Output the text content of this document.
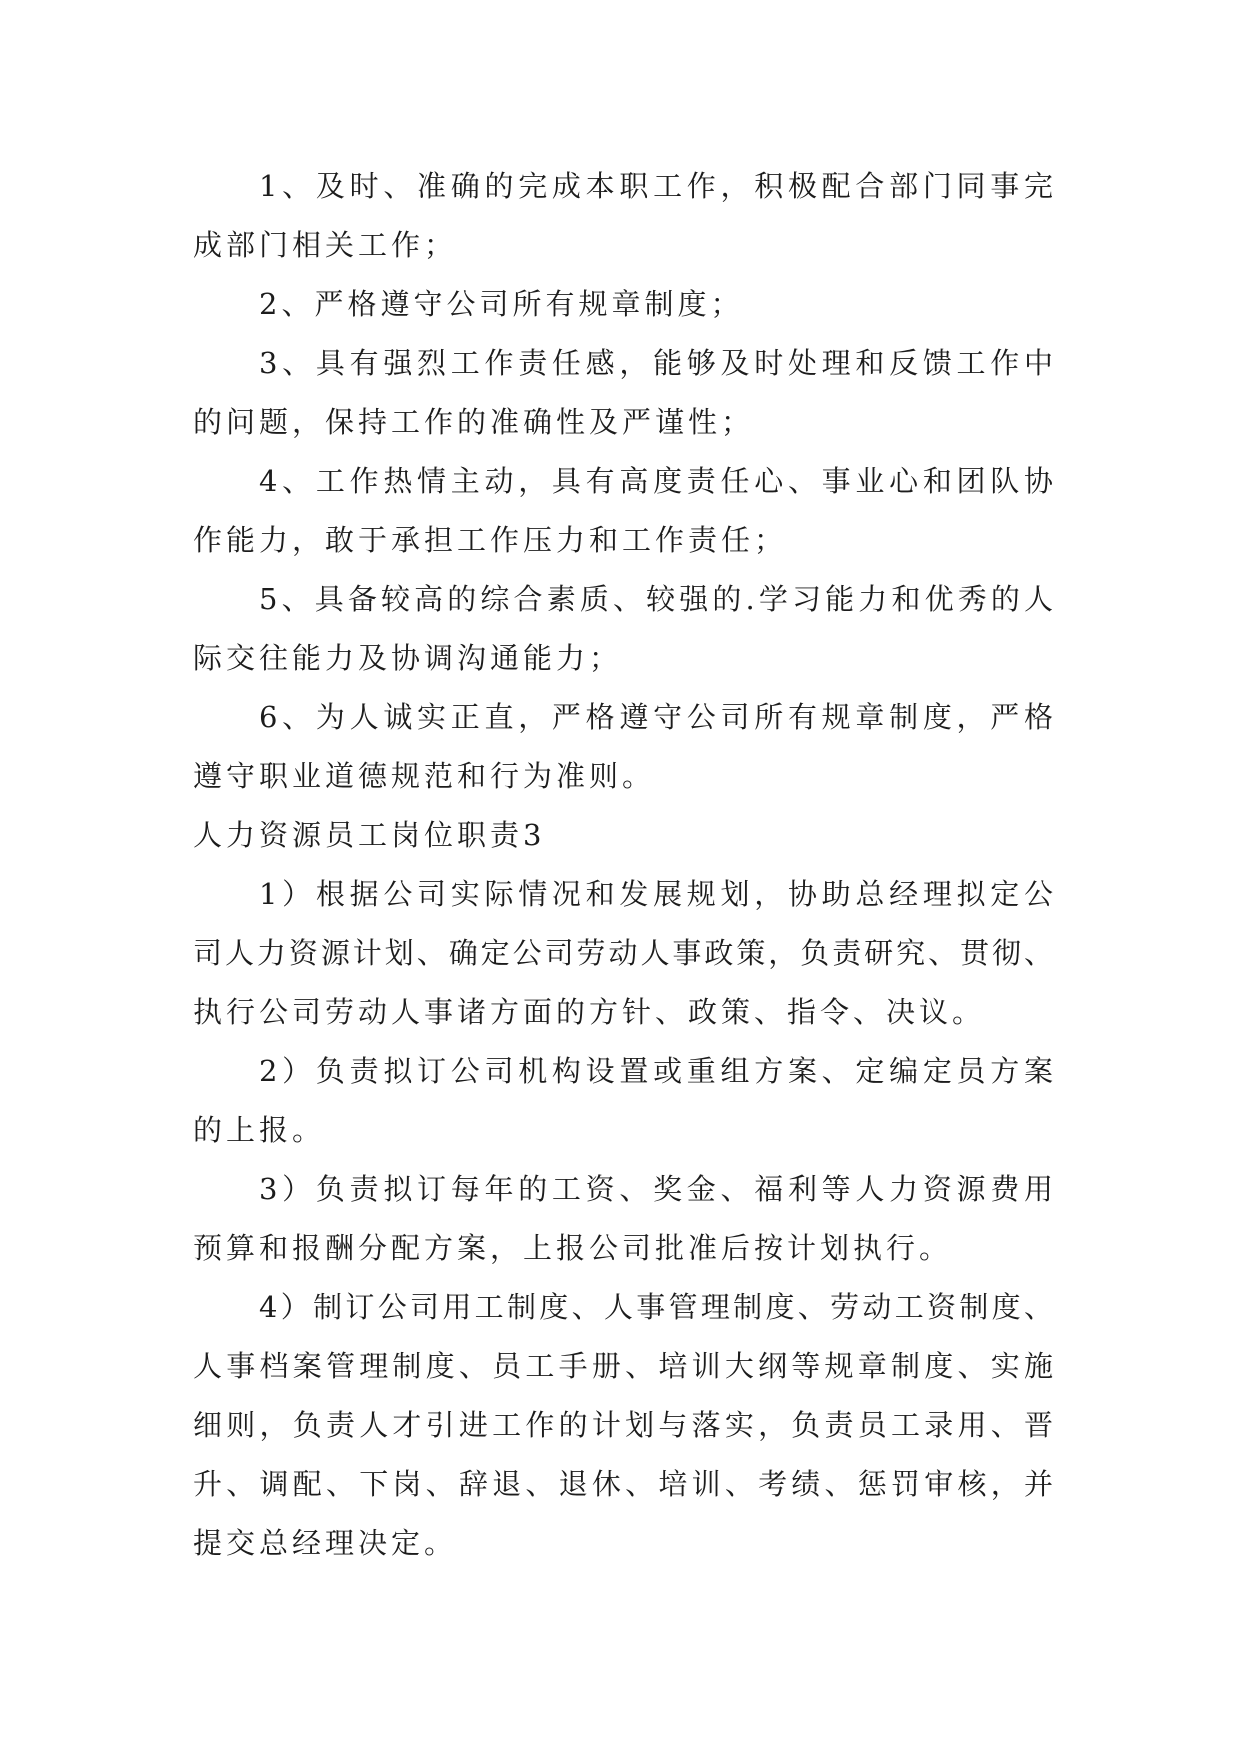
1、及时、准确的完成本职工作，积极配合部门同事完
成部门相关工作；
2、严格遵守公司所有规章制度；
3、具有强烈工作责任感，能够及时处理和反馈工作中
的问题，保持工作的准确性及严谨性；
4、工作热情主动，具有高度责任心、事业心和团队协
作能力，敢于承担工作压力和工作责任；
5、具备较高的综合素质、较强的.学习能力和优秀的人
际交往能力及协调沟通能力；
6、为人诚实正直，严格遵守公司所有规章制度，严格
遵守职业道德规范和行为准则。
人力资源员工岗位职责3
1）根据公司实际情况和发展规划，协助总经理拟定公
司人力资源计划、确定公司劳动人事政策，负责研究、贯彻、
执行公司劳动人事诸方面的方针、政策、指令、决议。
2）负责拟订公司机构设置或重组方案、定编定员方案
的上报。
3）负责拟订每年的工资、奖金、福利等人力资源费用
预算和报酬分配方案，上报公司批准后按计划执行。
4）制订公司用工制度、人事管理制度、劳动工资制度、
人事档案管理制度、员工手册、培训大纲等规章制度、实施
细则，负责人才引进工作的计划与落实，负责员工录用、晋
升、调配、下岗、辞退、退休、培训、考绩、惩罚审核，并
提交总经理决定。
